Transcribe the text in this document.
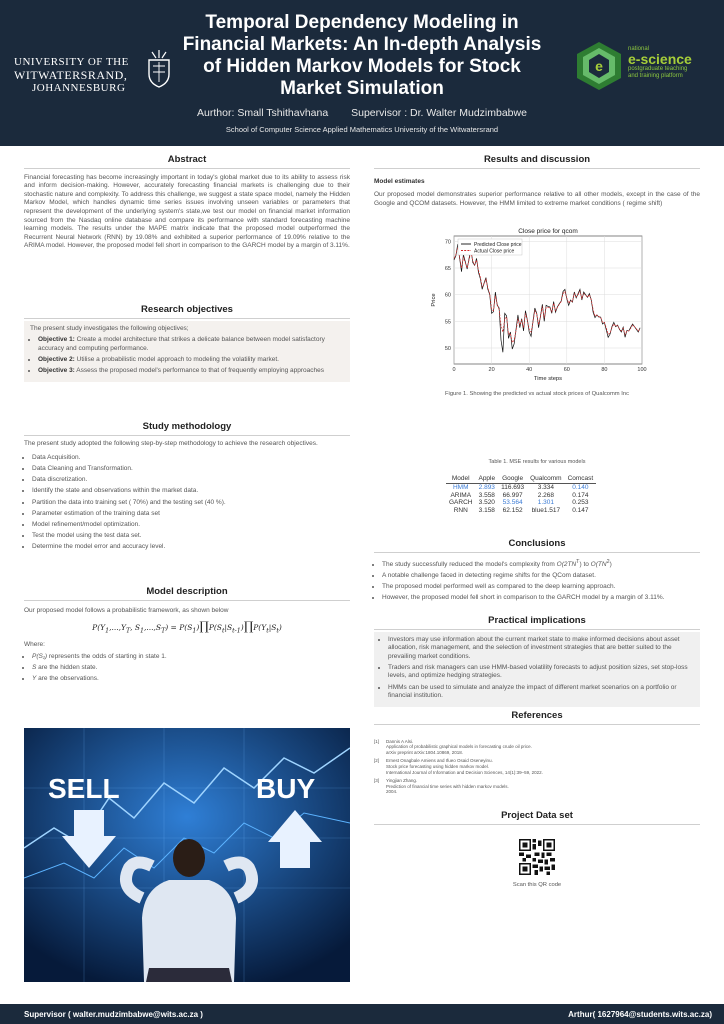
UNIVERSITY OF THE
WITWATERSRAND,
JOHANNESBURG
Temporal Dependency Modeling in Financial Markets: An In-depth Analysis of Hidden Markov Models for Stock Market Simulation
Aurthor: Small Tshithavhana Supervisor : Dr. Walter Mudzimbabwe
School of Computer Science Applied Mathematics University of the Witwatersrand
e
national
e-science
postgraduate teaching
and training platform
Abstract
Financial forecasting has become increasingly important in today's global market due to its ability to assess risk and inform decision-making. However, accurately forecasting financial markets is challenging due to their stochastic nature and complexity. To address this challenge, we suggest a state space model, namely the Hidden Markov Model, which handles dynamic time series issues involving unseen variables or parameters that represent the development of the underlying system's state,we test our model on financial market information sourced from the Nasdaq online database and compare its performance with standard forecasting machine learning models. The results under the MAPE matrix indicate that the proposed model outperformed the Recurrent Neural Network (RNN) by 19.08% and exhibited a superior performance of 19.09% relative to the ARIMA model. However, the proposed model fell short in comparison to the GARCH model by a margin of 3.11%.
Research objectives
The present study investigates the following objectives;
• Objective 1: Create a model architecture that strikes a delicate balance between model satisfactory accuracy and computing performance.
• Objective 2: Utilise a probabilistic model approach to modeling the volatility market.
• Objective 3: Assess the proposed model's performance to that of frequently employing approaches
Study methodology
The present study adopted the following step-by-step methodology to achieve the research objectives.
• Data Acquisition.
• Data Cleaning and Transformation.
• Data discretization.
• Identify the state and observations within the market data.
• Partition the data into training set ( 70%) and the testing set (40 %).
• Parameter estimation of the training data set
• Model refinement/model optimization.
• Test the model using the test data set.
• Determine the model error and accuracy level.
Model description
Our proposed model follows a probabilistic framework, as shown below
$P(Y_1,...,Y_T$, $S_1,...,S_T$) = $P(S_1)\prod P(S_t|S_{t-1})\prod P(Y_t|S_t)$
Where:
• P(S₁) represents the odds of starting in state 1.
• S are the hidden state.
• Y are the observations.
SELL	BUY
Results and discussion
Model estimates
Our proposed model demonstrates superior performance relative to all other models, except in the case of the Google and QCOM datasets. However, the HMM limited to extreme market conditions ( regime shift)
50
55
60
65
70
0	20	40	60	80	100
Close price for qcom
Time steps
Price
Predicted Close price
Actual Close price
Figure 1. Showing the predicted vs actual stock prices of Qualcomm Inc
Table 1. MSE results for various models
Model	Apple	Google	Qualcomm	Comcast
HMM	2.893	116.693	3.334	0.140
ARIMA	3.558	66.997	2.268	0.174
GARCH	3.520	53.564	1.301	0.253
RNN	3.158	62.152	blue1.517	0.147
Conclusions
• The study successfully reduced the model's complexity from $O(2TN^T)$ to $O(TN^2)$
• A notable challenge faced in detecting regime shifts for the QCom dataset.
• The proposed model performed well as compared to the deep learning approach.
• However, the proposed model fell short in comparison to the GARCH model by a margin of 3.11%.
Practical implications
• Investors may use information about the current market state to make informed decisions about asset allocation, risk management, and the selection of investment strategies that are better suited to the prevailing market conditions.
• Traders and risk managers can use HMM-based volatility forecasts to adjust position sizes, set stop-loss levels, and optimize hedging strategies.
• HMMs can be used to simulate and analyze the impact of different market scenarios on a portfolio or financial institution.
References
[1]	Dannis A Alsi.
Application of probabilistic graphical models in forecasting crude oil price.
arXiv preprint arXiv:1804.10869, 2018.
[2]	Ernest Onagbale Amiens and Ifueo Osaid Oseneyinu.
Stock price forecasting using hidden markov model.
International Journal of Information and Decision Sciences, 14(1):39–59, 2022.
[3]	Yingjian Zhang.
Prediction of financial time series with hidden markov models.
2004.
Project Data set
Scan this QR code
Supervisor ( walter.mudzimbabwe@wits.ac.za )	Arthur( 1627964@students.wits.ac.za)
